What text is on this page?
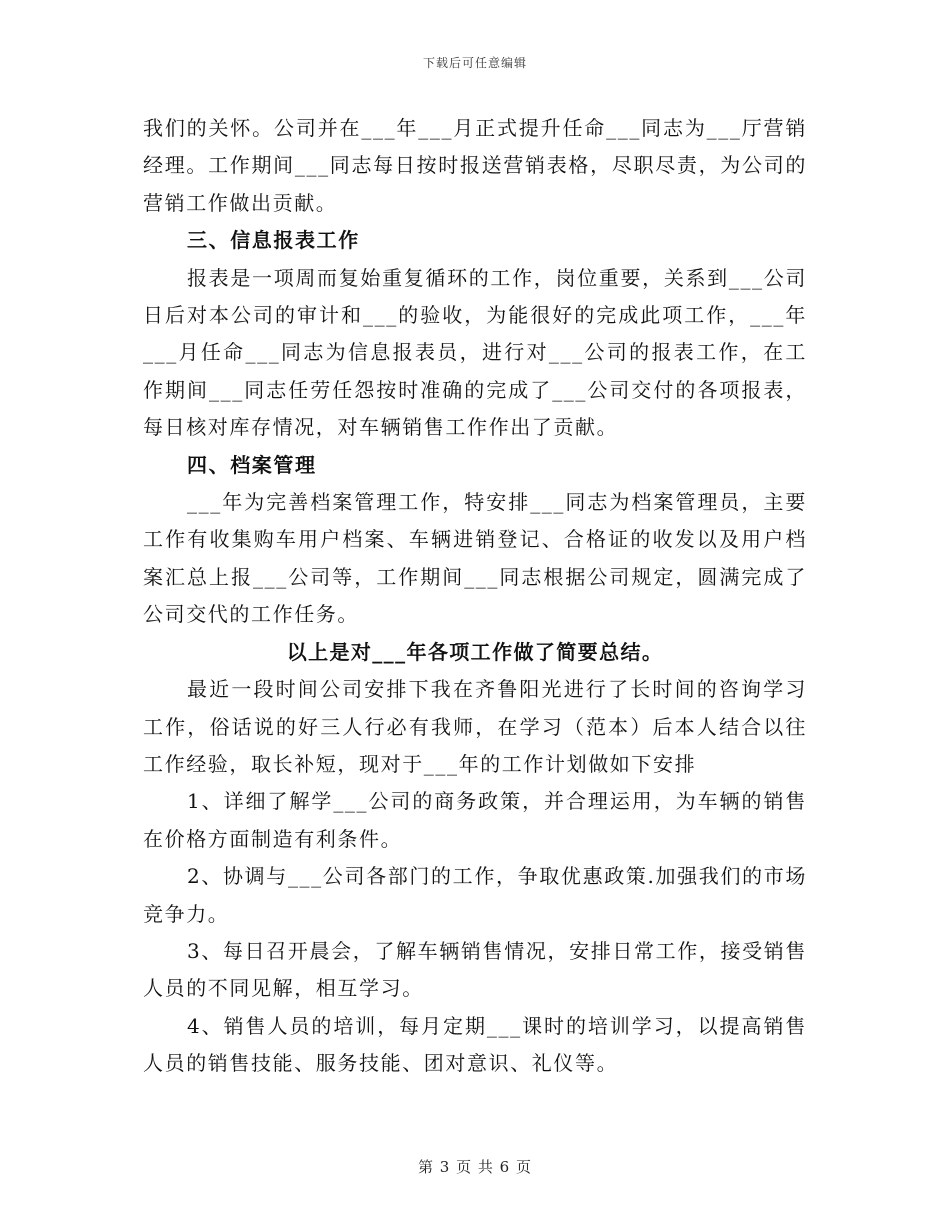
下载后可任意编辑

我们的关怀。公司并在___年___月正式提升任命___同志为___厅营销经理。工作期间___同志每日按时报送营销表格，尽职尽责，为公司的营销工作做出贡献。

三、信息报表工作

报表是一项周而复始重复循环的工作，岗位重要，关系到___公司日后对本公司的审计和___的验收，为能很好的完成此项工作，___年___月任命___同志为信息报表员，进行对___公司的报表工作，在工作期间___同志任劳任怨按时准确的完成了___公司交付的各项报表，每日核对库存情况，对车辆销售工作作出了贡献。

四、档案管理

___年为完善档案管理工作，特安排___同志为档案管理员，主要工作有收集购车用户档案、车辆进销登记、合格证的收发以及用户档案汇总上报___公司等，工作期间___同志根据公司规定，圆满完成了公司交代的工作任务。

以上是对___年各项工作做了简要总结。

最近一段时间公司安排下我在齐鲁阳光进行了长时间的咨询学习工作，俗话说的好三人行必有我师，在学习（范本）后本人结合以往工作经验，取长补短，现对于___年的工作计划做如下安排

1、详细了解学___公司的商务政策，并合理运用，为车辆的销售在价格方面制造有利条件。

2、协调与___公司各部门的工作，争取优惠政策.加强我们的市场竞争力。

3、每日召开晨会，了解车辆销售情况，安排日常工作，接受销售人员的不同见解，相互学习。

4、销售人员的培训，每月定期___课时的培训学习，以提高销售人员的销售技能、服务技能、团对意识、礼仪等。

第 3 页 共 6 页
